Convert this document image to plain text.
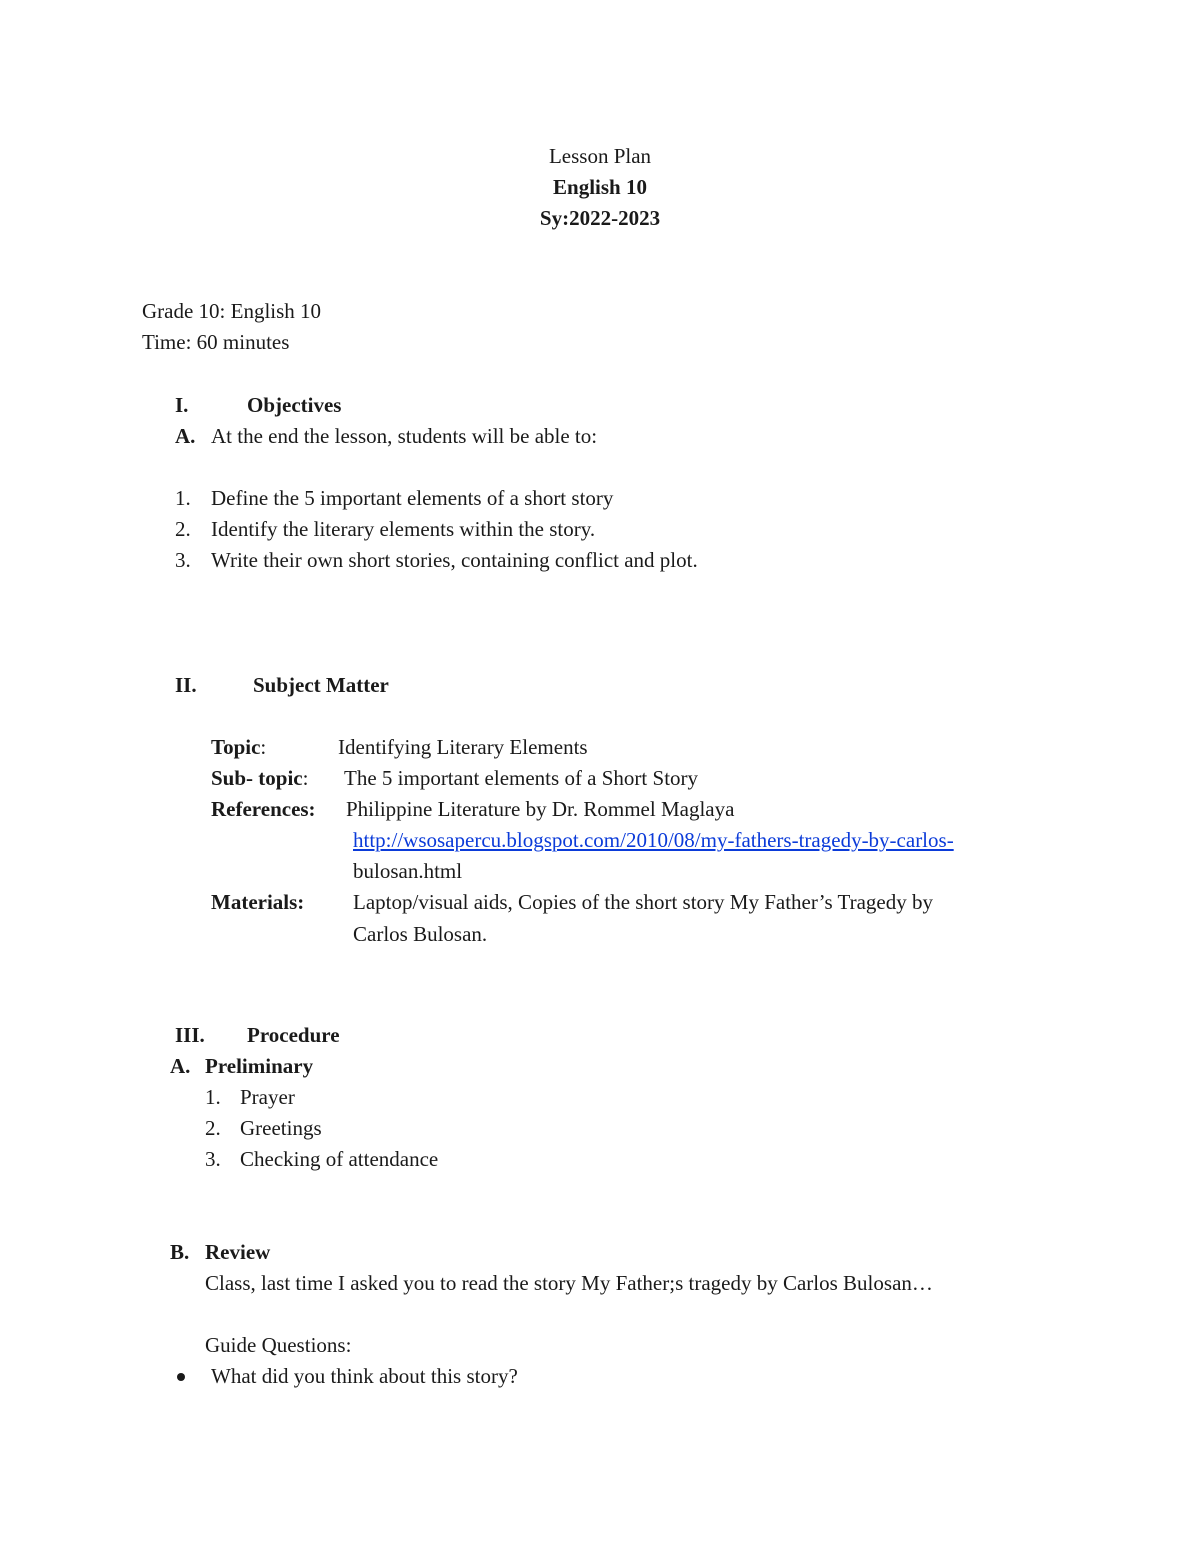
Lesson Plan
English 10
Sy:2022-2023
Grade 10: English 10
Time: 60 minutes
I.	Objectives
A. At the end the lesson, students will be able to:
1. Define the 5 important elements of a short story
2. Identify the literary elements within the story.
3. Write their own short stories, containing conflict and plot.
II.	Subject Matter
Topic:	Identifying Literary Elements
Sub- topic: The 5 important elements of a Short Story
References: Philippine Literature by Dr. Rommel Maglaya
http://wsosapercu.blogspot.com/2010/08/my-fathers-tragedy-by-carlos-
bulosan.html
Materials: Laptop/visual aids, Copies of the short story My Father’s Tragedy by
Carlos Bulosan.
III. Procedure
A. Preliminary
1. Prayer
2. Greetings
3. Checking of attendance
B. Review
Class, last time I asked you to read the story My Father;s tragedy by Carlos Bulosan…
Guide Questions:
What did you think about this story?
